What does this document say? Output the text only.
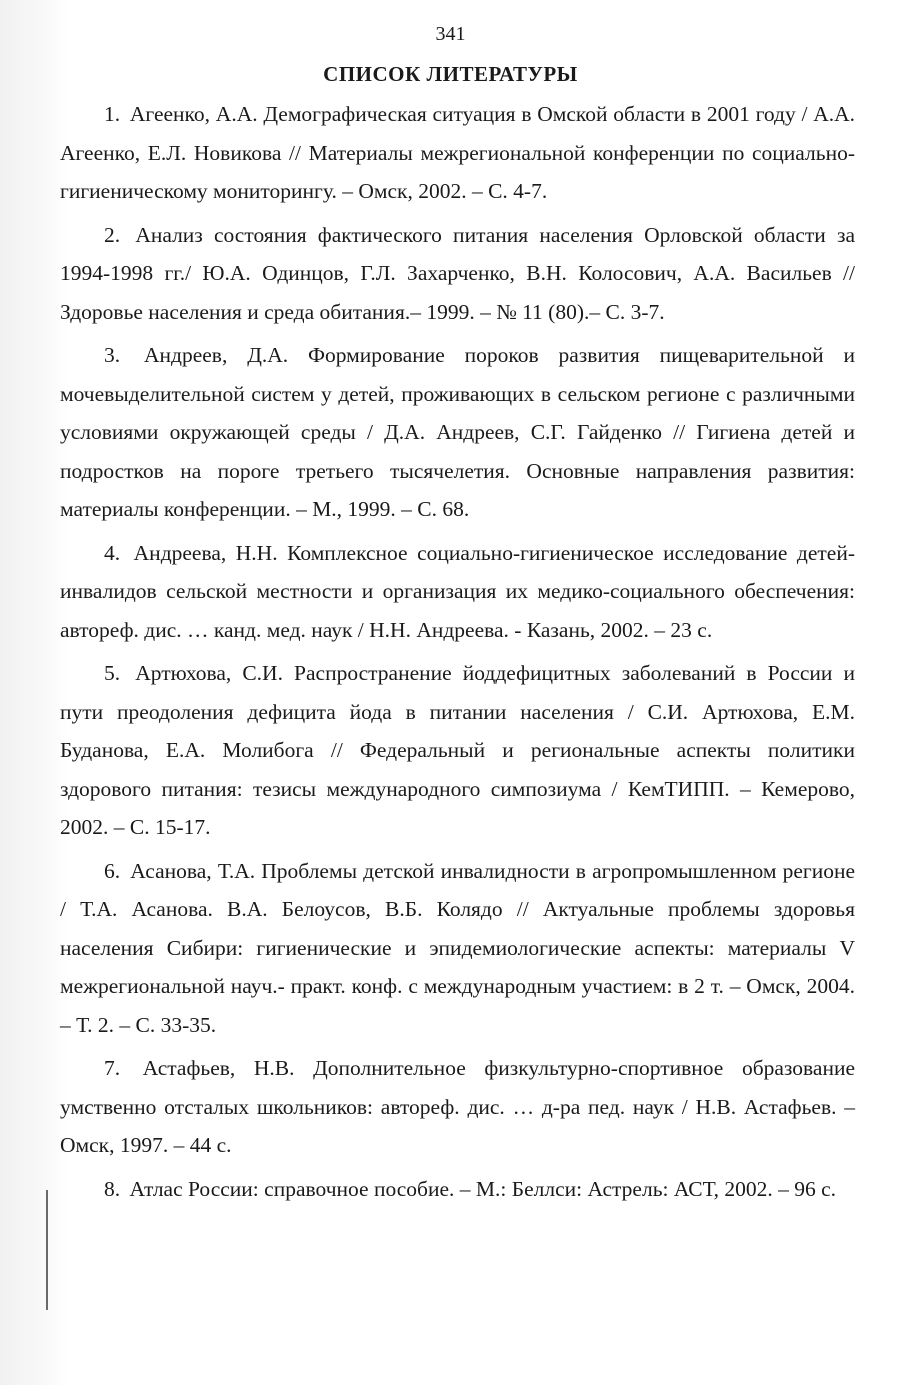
341
СПИСОК ЛИТЕРАТУРЫ
1. Агеенко, А.А. Демографическая ситуация в Омской области в 2001 году / А.А. Агеенко, Е.Л. Новикова // Материалы межрегиональной конференции по социально-гигиеническому мониторингу. – Омск, 2002. – С. 4-7.
2. Анализ состояния фактического питания населения Орловской области за 1994-1998 гг./ Ю.А. Одинцов, Г.Л. Захарченко, В.Н. Колосович, А.А. Васильев // Здоровье населения и среда обитания.– 1999. – № 11 (80).– С. 3-7.
3. Андреев, Д.А. Формирование пороков развития пищеварительной и мочевыделительной систем у детей, проживающих в сельском регионе с различными условиями окружающей среды / Д.А. Андреев, С.Г. Гайденко // Гигиена детей и подростков на пороге третьего тысячелетия. Основные направления развития: материалы конференции. – М., 1999. – С. 68.
4. Андреева, Н.Н. Комплексное социально-гигиеническое исследование детей-инвалидов сельской местности и организация их медико-социального обеспечения: автореф. дис. … канд. мед. наук / Н.Н. Андреева. - Казань, 2002. – 23 с.
5. Артюхова, С.И. Распространение йоддефицитных заболеваний в России и пути преодоления дефицита йода в питании населения / С.И. Артюхова, Е.М. Буданова, Е.А. Молибога // Федеральный и региональные аспекты политики здорового питания: тезисы международного симпозиума / КемТИПП. – Кемерово, 2002. – С. 15-17.
6. Асанова, Т.А. Проблемы детской инвалидности в агропромышленном регионе / Т.А. Асанова. В.А. Белоусов, В.Б. Колядо // Актуальные проблемы здоровья населения Сибири: гигиенические и эпидемиологические аспекты: материалы V межрегиональной науч.- практ. конф. с международным участием: в 2 т. – Омск, 2004. – Т. 2. – С. 33-35.
7. Астафьев, Н.В. Дополнительное физкультурно-спортивное образование умственно отсталых школьников: автореф. дис. … д-ра пед. наук / Н.В. Астафьев. – Омск, 1997. – 44 с.
8. Атлас России: справочное пособие. – М.: Беллси: Астрель: АСТ, 2002. – 96 с.
